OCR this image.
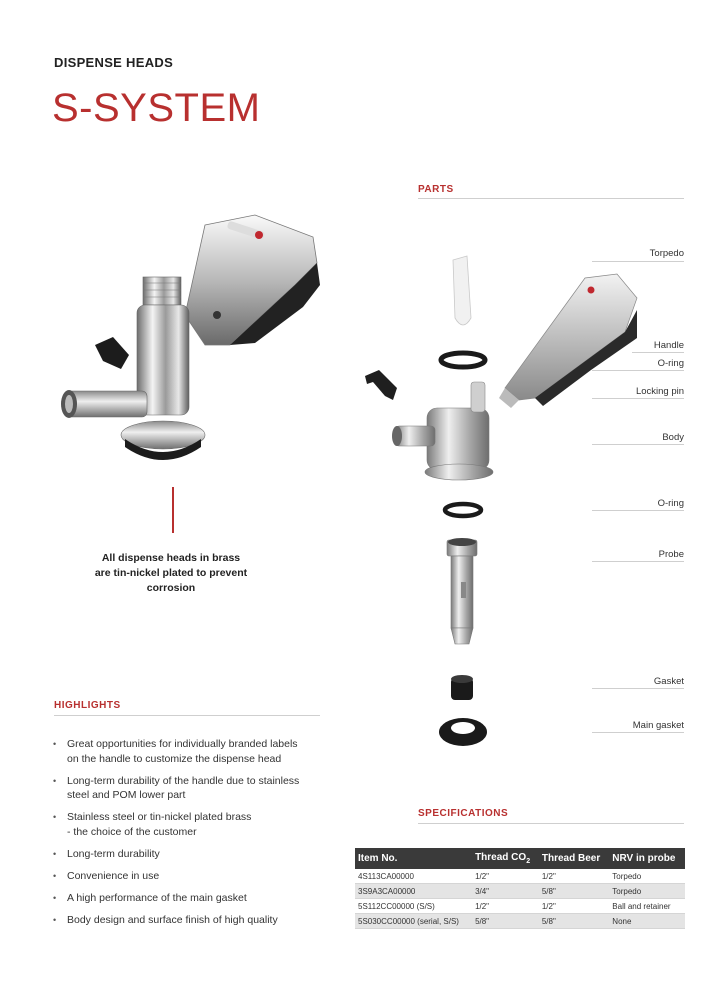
DISPENSE HEADS
S-SYSTEM
All dispense heads in brass
are tin-nickel plated to prevent
corrosion
HIGHLIGHTS
• Great opportunities for individually branded labels
on the handle to customize the dispense head
• Long-term durability of the handle due to stainless
steel and POM lower part
• Stainless steel or tin-nickel plated brass
- the choice of the customer
• Long-term durability
• Convenience in use
• A high performance of the main gasket
• Body design and surface finish of high quality
PARTS
Torpedo
Handle
O-ring
Locking pin
Body
O-ring
Probe
Gasket
Main gasket
SPECIFICATIONS
Item No.	Thread $CO_2$	Thread Beer	NRV in probe
4S113CA00000	1/2"	1/2"	Torpedo
3S9A3CA00000	3/4"	5/8"	Torpedo
5S112CC00000 (S/S)	1/2"	1/2"	Ball and retainer
5S030CC00000 (serial, S/S)	5/8"	5/8"	None
